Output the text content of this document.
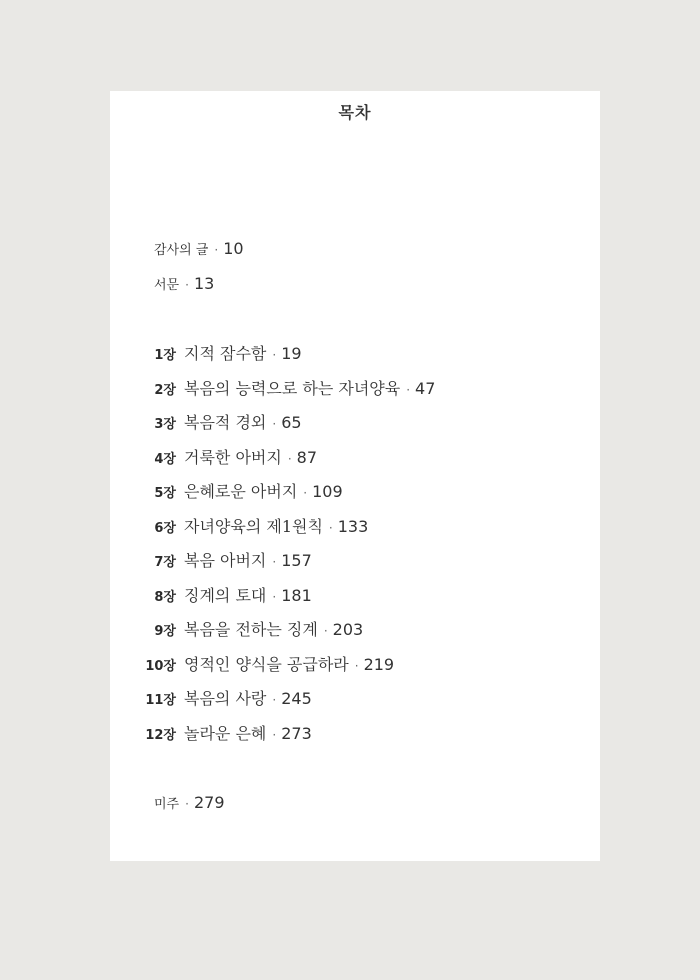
목차
감사의 글 · 10
서문 · 13
1장 지적 잠수함 · 19
2장 복음의 능력으로 하는 자녀양육 · 47
3장 복음적 경외 · 65
4장 거룩한 아버지 · 87
5장 은혜로운 아버지 · 109
6장 자녀양육의 제1원칙 · 133
7장 복음 아버지 · 157
8장 징계의 토대 · 181
9장 복음을 전하는 징계 · 203
10장 영적인 양식을 공급하라 · 219
11장 복음의 사랑 · 245
12장 놀라운 은혜 · 273
미주 · 279
